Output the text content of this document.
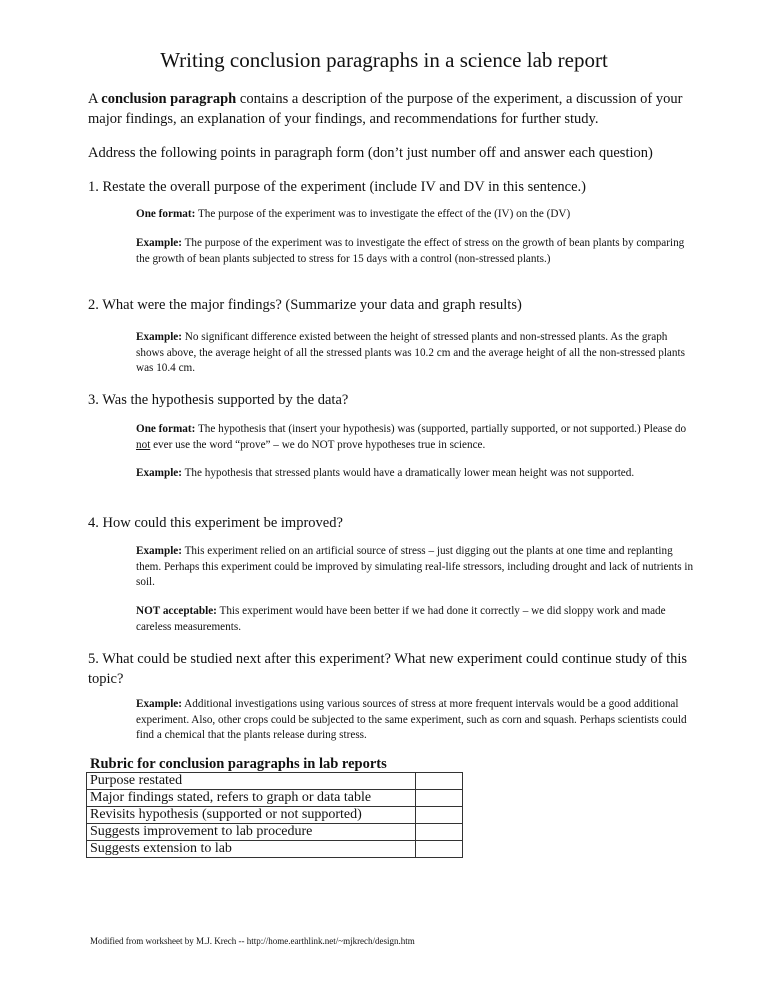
Writing conclusion paragraphs in a science lab report
A conclusion paragraph contains a description of the purpose of the experiment, a discussion of your major findings, an explanation of your findings, and recommendations for further study.
Address the following points in paragraph form (don’t just number off and answer each question)
1. Restate the overall purpose of the experiment (include IV and DV in this sentence.)
One format: The purpose of the experiment was to investigate the effect of the (IV) on the (DV)
Example: The purpose of the experiment was to investigate the effect of stress on the growth of bean plants by comparing the growth of bean plants subjected to stress for 15 days with a control (non-stressed plants.)
2. What were the major findings? (Summarize your data and graph results)
Example: No significant difference existed between the height of stressed plants and non-stressed plants. As the graph shows above, the average height of all the stressed plants was 10.2 cm and the average height of all the non-stressed plants was 10.4 cm.
3. Was the hypothesis supported by the data?
One format: The hypothesis that (insert your hypothesis) was (supported, partially supported, or not supported.) Please do not ever use the word “prove” – we do NOT prove hypotheses true in science.
Example: The hypothesis that stressed plants would have a dramatically lower mean height was not supported.
4. How could this experiment be improved?
Example: This experiment relied on an artificial source of stress – just digging out the plants at one time and replanting them. Perhaps this experiment could be improved by simulating real-life stressors, including drought and lack of nutrients in soil.
NOT acceptable: This experiment would have been better if we had done it correctly – we did sloppy work and made careless measurements.
5. What could be studied next after this experiment? What new experiment could continue study of this topic?
Example: Additional investigations using various sources of stress at more frequent intervals would be a good additional experiment. Also, other crops could be subjected to the same experiment, such as corn and squash. Perhaps scientists could find a chemical that the plants release during stress.
Rubric for conclusion paragraphs in lab reports
Purpose restated	
Major findings stated, refers to graph or data table	
Revisits hypothesis (supported or not supported)	
Suggests improvement to lab procedure	
Suggests extension to lab	
Modified from worksheet by M.J. Krech -- http://home.earthlink.net/~mjkrech/design.htm
